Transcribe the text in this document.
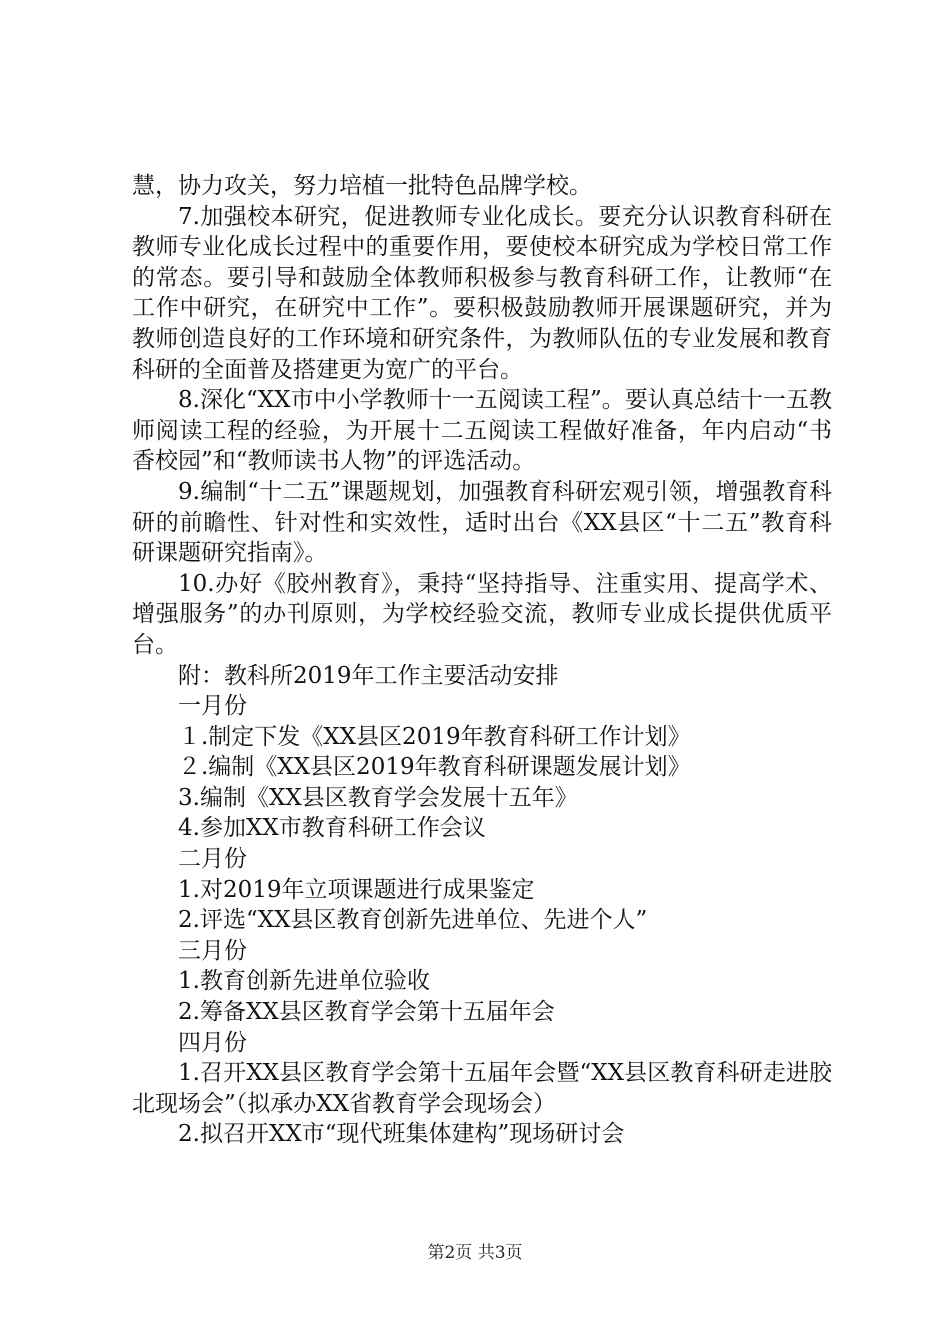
慧，协力攻关，努力培植一批特色品牌学校。

7.加强校本研究，促进教师专业化成长。要充分认识教育科研在教师专业化成长过程中的重要作用，要使校本研究成为学校日常工作的常态。要引导和鼓励全体教师积极参与教育科研工作，让教师“在工作中研究，在研究中工作”。要积极鼓励教师开展课题研究，并为教师创造良好的工作环境和研究条件，为教师队伍的专业发展和教育科研的全面普及搭建更为宽广的平台。

8.深化“XX市中小学教师十一五阅读工程”。要认真总结十一五教师阅读工程的经验，为开展十二五阅读工程做好准备，年内启动“书香校园”和“教师读书人物”的评选活动。

9.编制“十二五”课题规划，加强教育科研宏观引领，增强教育科研的前瞻性、针对性和实效性，适时出台《XX县区“十二五”教育科研课题研究指南》。

10.办好《胶州教育》，秉持“坚持指导、注重实用、提高学术、增强服务”的办刊原则，为学校经验交流，教师专业成长提供优质平台。

附：教科所2019年工作主要活动安排

一月份

１.制定下发《XX县区2019年教育科研工作计划》

２.编制《XX县区2019年教育科研课题发展计划》

3.编制《XX县区教育学会发展十五年》

4.参加XX市教育科研工作会议

二月份

1.对2019年立项课题进行成果鉴定

2.评选“XX县区教育创新先进单位、先进个人”

三月份

1.教育创新先进单位验收

2.筹备XX县区教育学会第十五届年会

四月份

1.召开XX县区教育学会第十五届年会暨“XX县区教育科研走进胶北现场会”（拟承办XX省教育学会现场会）

2.拟召开XX市“现代班集体建构”现场研讨会

第2页 共3页
